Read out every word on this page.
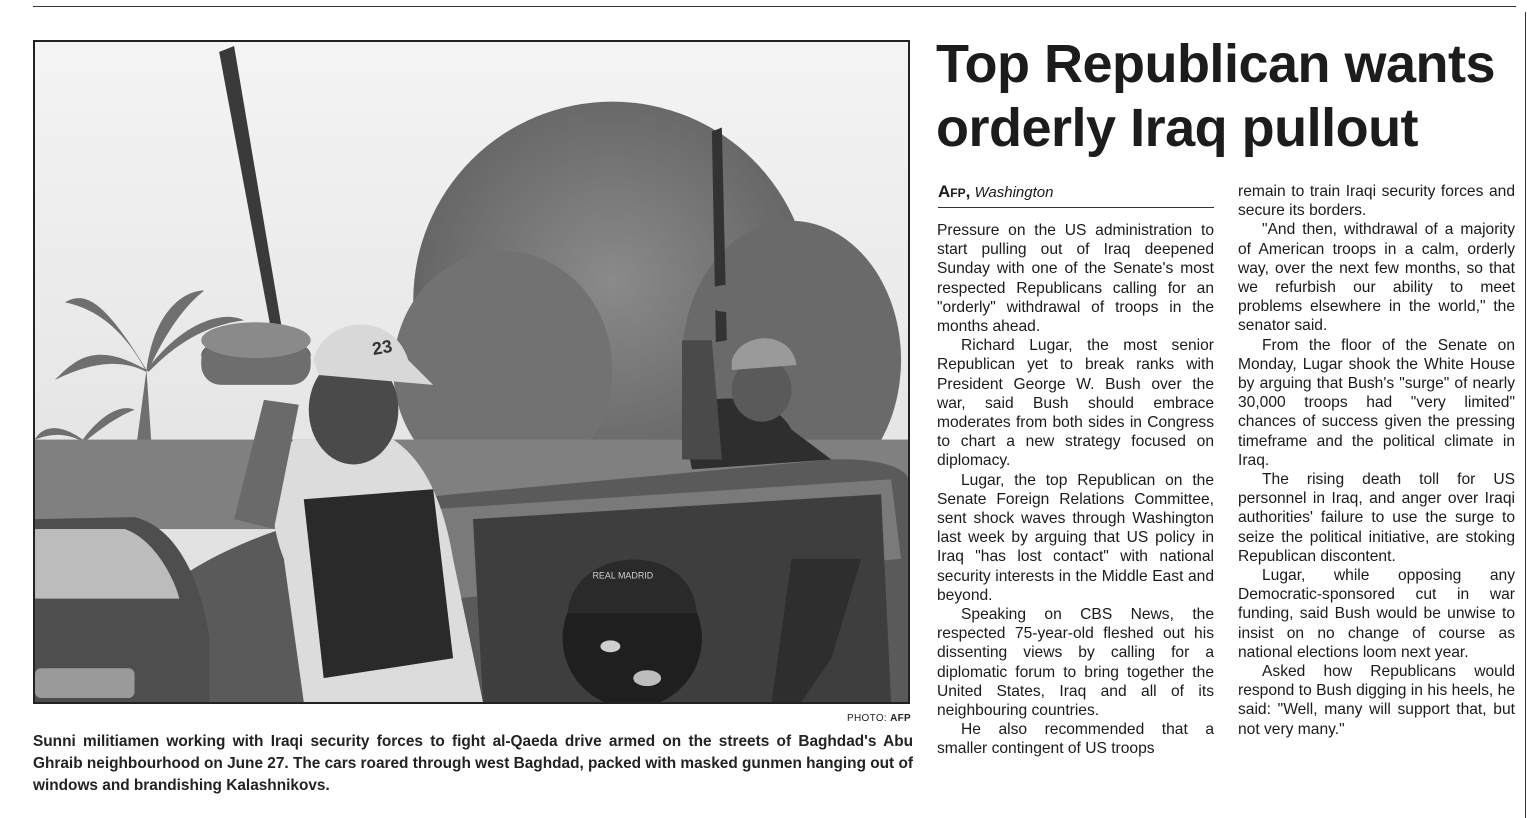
23
REAL MADRID
PHOTO: AFP
Sunni militiamen working with Iraqi security forces to fight al-Qaeda drive armed on the streets of Baghdad's Abu Ghraib neighbourhood on June 27. The cars roared through west Baghdad, packed with masked gunmen hanging out of windows and brandishing Kalashnikovs.
Top Republican wants orderly Iraq pullout
Afp, Washington

Pressure on the US administration to start pulling out of Iraq deepened Sunday with one of the Senate's most respected Republicans calling for an "orderly" withdrawal of troops in the months ahead.

Richard Lugar, the most senior Republican yet to break ranks with President George W. Bush over the war, said Bush should embrace moderates from both sides in Congress to chart a new strategy focused on diplomacy.

Lugar, the top Republican on the Senate Foreign Relations Committee, sent shock waves through Washington last week by arguing that US policy in Iraq "has lost contact" with national security interests in the Middle East and beyond.

Speaking on CBS News, the respected 75-year-old fleshed out his dissenting views by calling for a diplomatic forum to bring together the United States, Iraq and all of its neighbouring countries.

He also recommended that a smaller contingent of US troops

remain to train Iraqi security forces and secure its borders.

"And then, withdrawal of a majority of American troops in a calm, orderly way, over the next few months, so that we refurbish our ability to meet problems elsewhere in the world," the senator said.

From the floor of the Senate on Monday, Lugar shook the White House by arguing that Bush's "surge" of nearly 30,000 troops had "very limited" chances of success given the pressing timeframe and the political climate in Iraq.

The rising death toll for US personnel in Iraq, and anger over Iraqi authorities' failure to use the surge to seize the political initiative, are stoking Republican discontent.

Lugar, while opposing any Democratic-sponsored cut in war funding, said Bush would be unwise to insist on no change of course as national elections loom next year.

Asked how Republicans would respond to Bush digging in his heels, he said: "Well, many will support that, but not very many."
